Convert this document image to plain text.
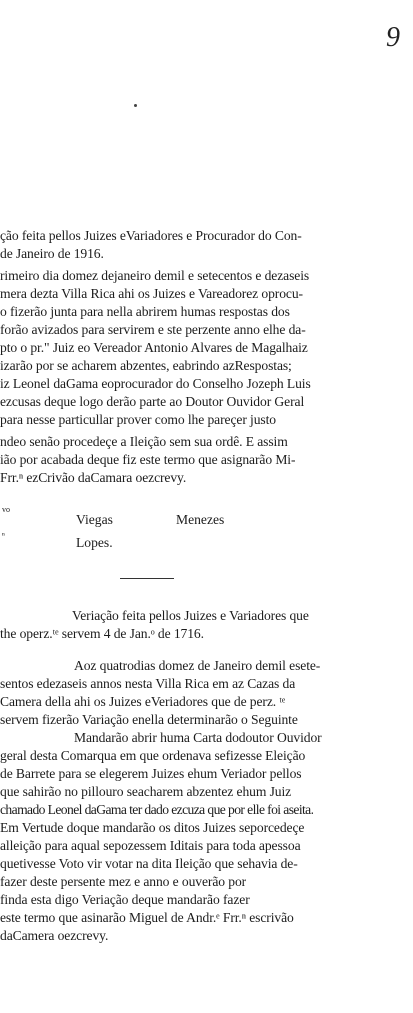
9
ção feita pellos Juizes eVariadores e Procurador do Con-
de Janeiro de 1916.
rimeiro dia domez dejaneiro demil e setecentos e dezaseis
mera dezta Villa Rica ahi os Juizes e Vareadorez oprocu-
o fizerão junta para nella abrirem humas respostas dos
forão avizados para servirem e ste perzente anno elhe da-
pto o pr." Juiz eo Vereador Antonio Alvares de Magalhaiz
izarão por se acharem abzentes, eabrindo azRespostas;
iz Leonel daGama eoprocurador do Conselho Jozeph Luis
ezcusas deque logo derão parte ao Doutor Ouvidor Geral
para nesse particullar prover como lhe pareçer justo
ndeo senão procedeçe a Ileição sem sua ordê. E assim
ião por acabada deque fiz este termo que asignarão Mi-
Frr.ⁿ ezCrivão daCamara oezcrevy.
vo
Viegas	Menezes
ⁿ	Lopes.
Veriação feita pellos Juizes e Variadores que
the operz.ᵗᵉ servem 4 de Jan.ᵒ de 1716.
Aoz quatrodias domez de Janeiro demil esete-
sentos edezaseis annos nesta Villa Rica em az Cazas da
Camera della ahi os Juizes eVeriadores que de perz. ᵗᵉ
servem fizerão Variação enella determinarão o Seguinte
Mandarão abrir huma Carta dodoutor Ouvidor
geral desta Comarqua em que ordenava sefizesse Eleição
de Barrete para se elegerem Juizes ehum Veriador pellos
que sahirão no pillouro seacharem abzentez ehum Juiz
chamado Leonel daGama ter dado ezcuza que por elle foi aseita.
Em Vertude doque mandarão os ditos Juizes seporcedeçe
alleição para aqual sepozessem Iditais para toda apessoa
quetivesse Voto vir votar na dita Ileição que sehavia de-
fazer deste persente mez e anno e ouverão por
finda esta digo Veriação deque mandarão fazer
este termo que asinarão Miguel de Andr.ᵉ Frr.ⁿ escrivão
daCamera oezcrevy.
